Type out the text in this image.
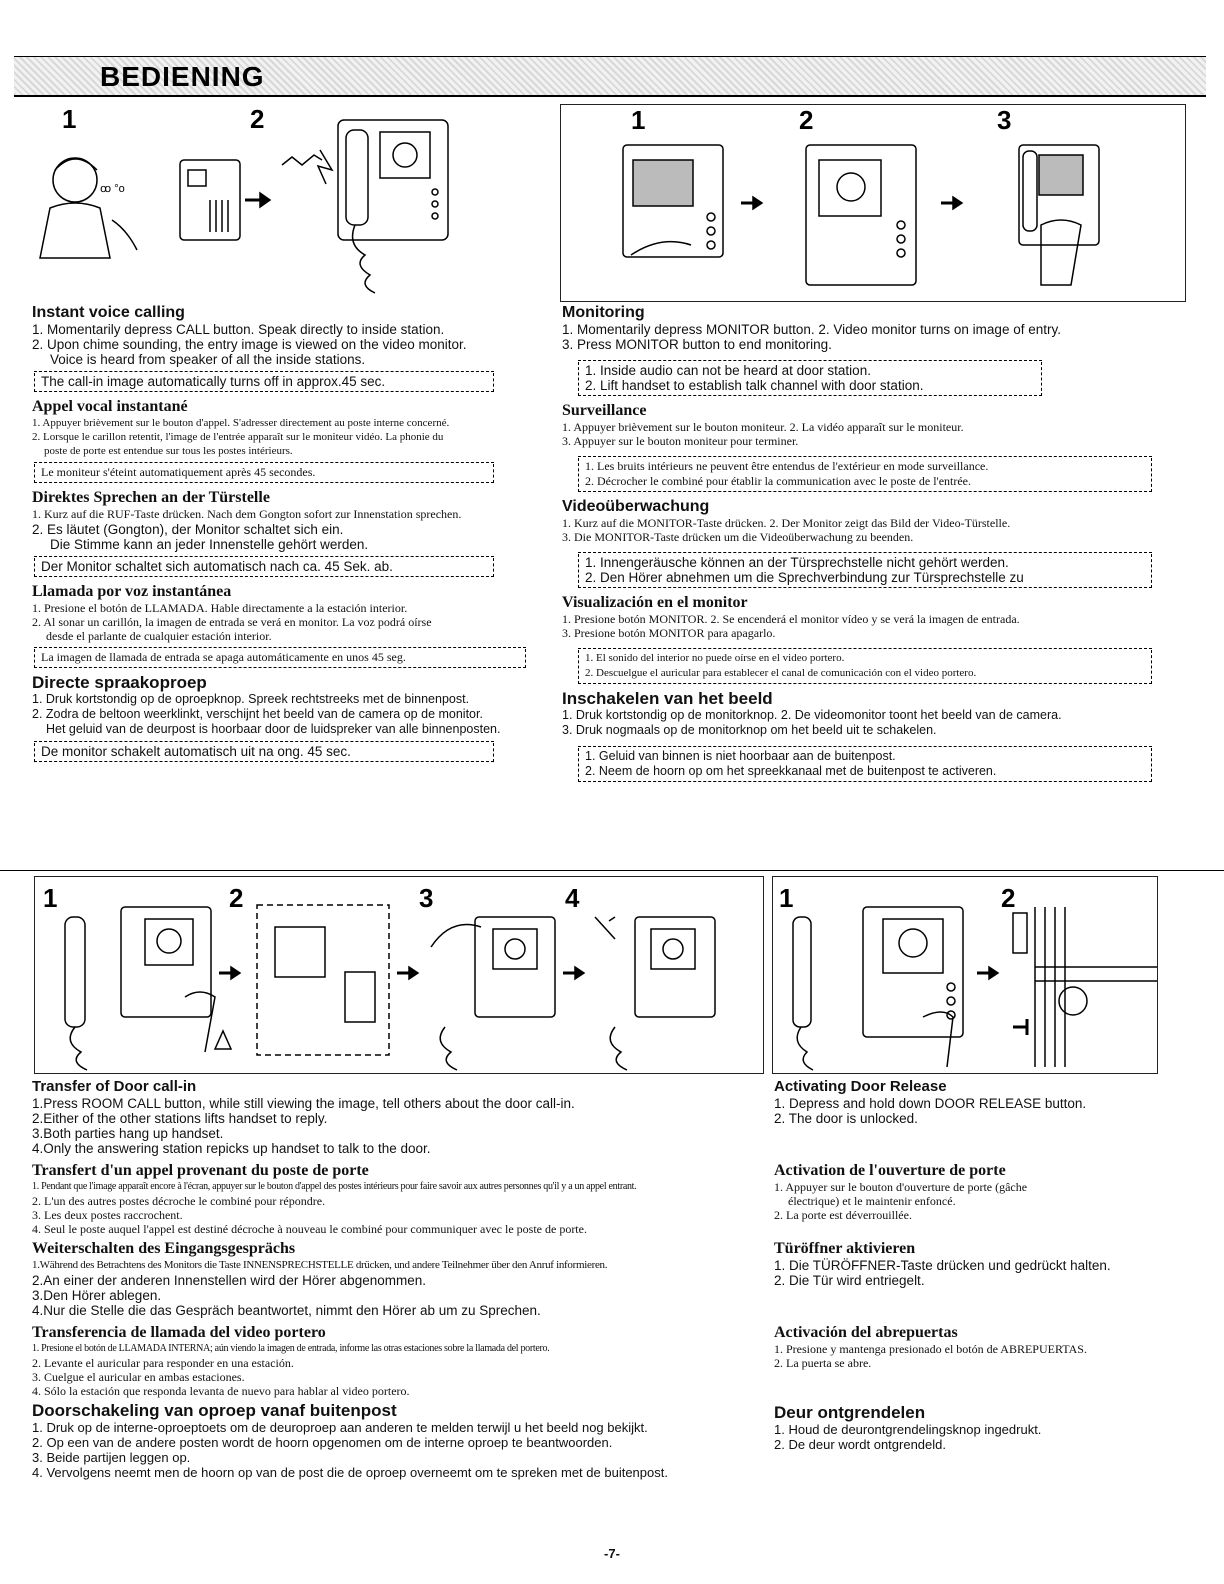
BEDIENING
1	2
ꝏ °o
1	2	3
Instant voice calling
1. Momentarily depress CALL button. Speak directly to inside station.
2. Upon chime sounding, the entry image is viewed on the video monitor.
Voice is heard from speaker of all the inside stations.
The call-in image automatically turns off in approx.45 sec.
Appel vocal instantané
1. Appuyer brièvement sur le bouton d'appel. S'adresser directement au poste interne concerné.
2. Lorsque le carillon retentit, l'image de l'entrée apparaît sur le moniteur vidéo. La phonie du
poste de porte est entendue sur tous les postes intérieurs.
Le moniteur s'éteint automatiquement après 45 secondes.
Direktes Sprechen an der Türstelle
1. Kurz auf die RUF-Taste drücken. Nach dem Gongton sofort zur Innenstation sprechen.
2. Es läutet (Gongton), der Monitor schaltet sich ein.
Die Stimme kann an jeder Innenstelle gehört werden.
Der Monitor schaltet sich automatisch nach ca. 45 Sek. ab.
Llamada por voz instantánea
1. Presione el botón de LLAMADA. Hable directamente a la estación interior.
2. Al sonar un carillón, la imagen de entrada se verá en monitor. La voz podrá oírse
desde el parlante de cualquier estación interior.
La imagen de llamada de entrada se apaga automáticamente en unos 45 seg.
Directe spraakoproep
1. Druk kortstondig op de oproepknop. Spreek rechtstreeks met de binnenpost.
2. Zodra de beltoon weerklinkt, verschijnt het beeld van de camera op de monitor.
Het geluid van de deurpost is hoorbaar door de luidspreker van alle binnenposten.
De monitor schakelt automatisch uit na ong. 45 sec.
Monitoring
1. Momentarily depress MONITOR button. 2. Video monitor turns on image of entry.
3. Press MONITOR button to end monitoring.
1. Inside audio can not be heard at door station.
2. Lift handset to establish talk channel with door station.
Surveillance
1. Appuyer brièvement sur le bouton moniteur. 2. La vidéo apparaît sur le moniteur.
3. Appuyer sur le bouton moniteur pour terminer.
1. Les bruits intérieurs ne peuvent être entendus de l'extérieur en mode surveillance.
2. Décrocher le combiné pour établir la communication avec le poste de l'entrée.
Videoüberwachung
1. Kurz auf die MONITOR-Taste drücken. 2. Der Monitor zeigt das Bild der Video-Türstelle.
3. Die MONITOR-Taste drücken um die Videoüberwachung zu beenden.
1. Innengeräusche können an der Türsprechstelle nicht gehört werden.
2. Den Hörer abnehmen um die Sprechverbindung zur Türsprechstelle zu
Visualización en el monitor
1. Presione botón MONITOR. 2. Se encenderá el monitor vídeo y se verá la imagen de entrada.
3. Presione botón MONITOR para apagarlo.
1. El sonido del interior no puede oírse en el video portero.
2. Descuelgue el auricular para establecer el canal de comunicación con el video portero.
Inschakelen van het beeld
1. Druk kortstondig op de monitorknop. 2. De videomonitor toont het beeld van de camera.
3. Druk nogmaals op de monitorknop om het beeld uit te schakelen.
1. Geluid van binnen is niet hoorbaar aan de buitenpost.
2. Neem de hoorn op om het spreekkanaal met de buitenpost te activeren.
1	2	3	4	1	2
Transfer of Door call-in
1.Press ROOM CALL button, while still viewing the image, tell others about the door call-in.
2.Either of the other stations lifts handset to reply.
3.Both parties hang up handset.
4.Only the answering station repicks up handset to talk to the door.
Transfert d'un appel provenant du poste de porte
1. Pendant que l'image apparaît encore à l'écran, appuyer sur le bouton d'appel des postes intérieurs pour faire savoir aux autres personnes qu'il y a un appel entrant.
2. L'un des autres postes décroche le combiné pour répondre.
3. Les deux postes raccrochent.
4. Seul le poste auquel l'appel est destiné décroche à nouveau le combiné pour communiquer avec le poste de porte.
Weiterschalten des Eingangsgesprächs
1.Während des Betrachtens des Monitors die Taste INNENSPRECHSTELLE drücken, und andere Teilnehmer über den Anruf informieren.
2.An einer der anderen Innenstellen wird der Hörer abgenommen.
3.Den Hörer ablegen.
4.Nur die Stelle die das Gespräch beantwortet, nimmt den Hörer ab um zu Sprechen.
Transferencia de llamada del video portero
1. Presione el botón de LLAMADA INTERNA; aún viendo la imagen de entrada, informe las otras estaciones sobre la llamada del portero.
2. Levante el auricular para responder en una estación.
3. Cuelgue el auricular en ambas estaciones.
4. Sólo la estación que responda levanta de nuevo para hablar al video portero.
Doorschakeling van oproep vanaf buitenpost
1. Druk op de interne-oproeptoets om de deuroproep aan anderen te melden terwijl u het beeld nog bekijkt.
2. Op een van de andere posten wordt de hoorn opgenomen om de interne oproep te beantwoorden.
3. Beide partijen leggen op.
4. Vervolgens neemt men de hoorn op van de post die de oproep overneemt om te spreken met de buitenpost.
Activating Door Release
1. Depress and hold down DOOR RELEASE button.
2. The door is unlocked.
Activation de l'ouverture de porte
1. Appuyer sur le bouton d'ouverture de porte (gâche
électrique) et le maintenir enfoncé.
2. La porte est déverrouillée.
Türöffner aktivieren
1. Die TÜRÖFFNER-Taste drücken und gedrückt halten.
2. Die Tür wird entriegelt.
Activación del abrepuertas
1. Presione y mantenga presionado el botón de ABREPUERTAS.
2. La puerta se abre.
Deur ontgrendelen
1. Houd de deurontgrendelingsknop ingedrukt.
2. De deur wordt ontgrendeld.
-7-
